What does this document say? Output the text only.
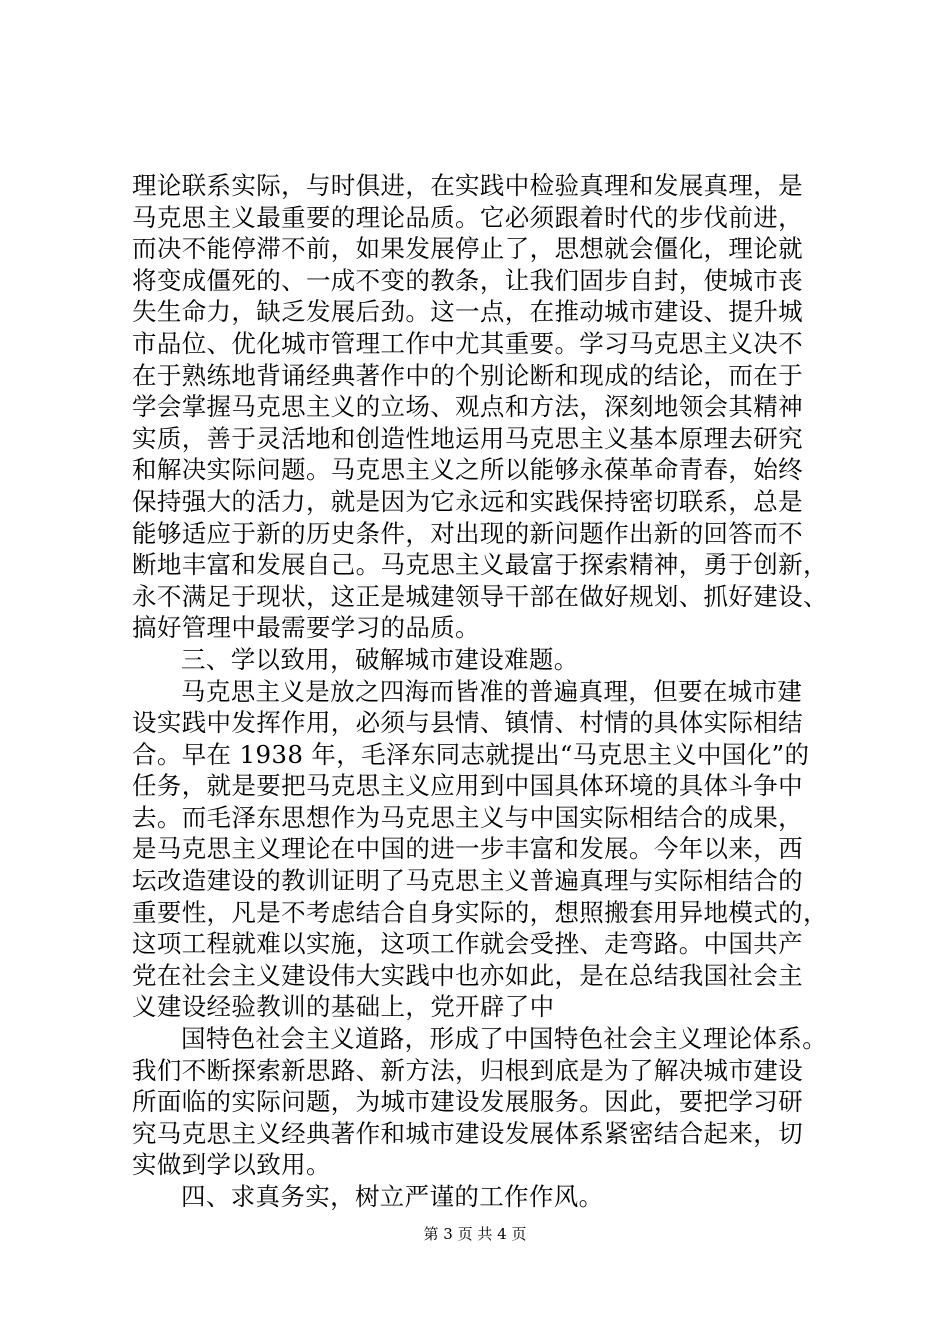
理论联系实际，与时俱进，在实践中检验真理和发展真理，是
马克思主义最重要的理论品质。它必须跟着时代的步伐前进，
而决不能停滞不前，如果发展停止了，思想就会僵化，理论就
将变成僵死的、一成不变的教条，让我们固步自封，使城市丧
失生命力，缺乏发展后劲。这一点，在推动城市建设、提升城
市品位、优化城市管理工作中尤其重要。学习马克思主义决不
在于熟练地背诵经典著作中的个别论断和现成的结论，而在于
学会掌握马克思主义的立场、观点和方法，深刻地领会其精神
实质，善于灵活地和创造性地运用马克思主义基本原理去研究
和解决实际问题。马克思主义之所以能够永葆革命青春，始终
保持强大的活力，就是因为它永远和实践保持密切联系，总是
能够适应于新的历史条件，对出现的新问题作出新的回答而不
断地丰富和发展自己。马克思主义最富于探索精神，勇于创新，
永不满足于现状，这正是城建领导干部在做好规划、抓好建设、
搞好管理中最需要学习的品质。
三、学以致用，破解城市建设难题。
马克思主义是放之四海而皆准的普遍真理，但要在城市建
设实践中发挥作用，必须与县情、镇情、村情的具体实际相结
合。早在 1938 年，毛泽东同志就提出“马克思主义中国化”的
任务，就是要把马克思主义应用到中国具体环境的具体斗争中
去。而毛泽东思想作为马克思主义与中国实际相结合的成果，
是马克思主义理论在中国的进一步丰富和发展。今年以来，西
坛改造建设的教训证明了马克思主义普遍真理与实际相结合的
重要性，凡是不考虑结合自身实际的，想照搬套用异地模式的，
这项工程就难以实施，这项工作就会受挫、走弯路。中国共产
党在社会主义建设伟大实践中也亦如此，是在总结我国社会主
义建设经验教训的基础上，党开辟了中
国特色社会主义道路，形成了中国特色社会主义理论体系。
我们不断探索新思路、新方法，归根到底是为了解决城市建设
所面临的实际问题，为城市建设发展服务。因此，要把学习研
究马克思主义经典著作和城市建设发展体系紧密结合起来，切
实做到学以致用。
四、求真务实，树立严谨的工作作风。
第 3 页 共 4 页
